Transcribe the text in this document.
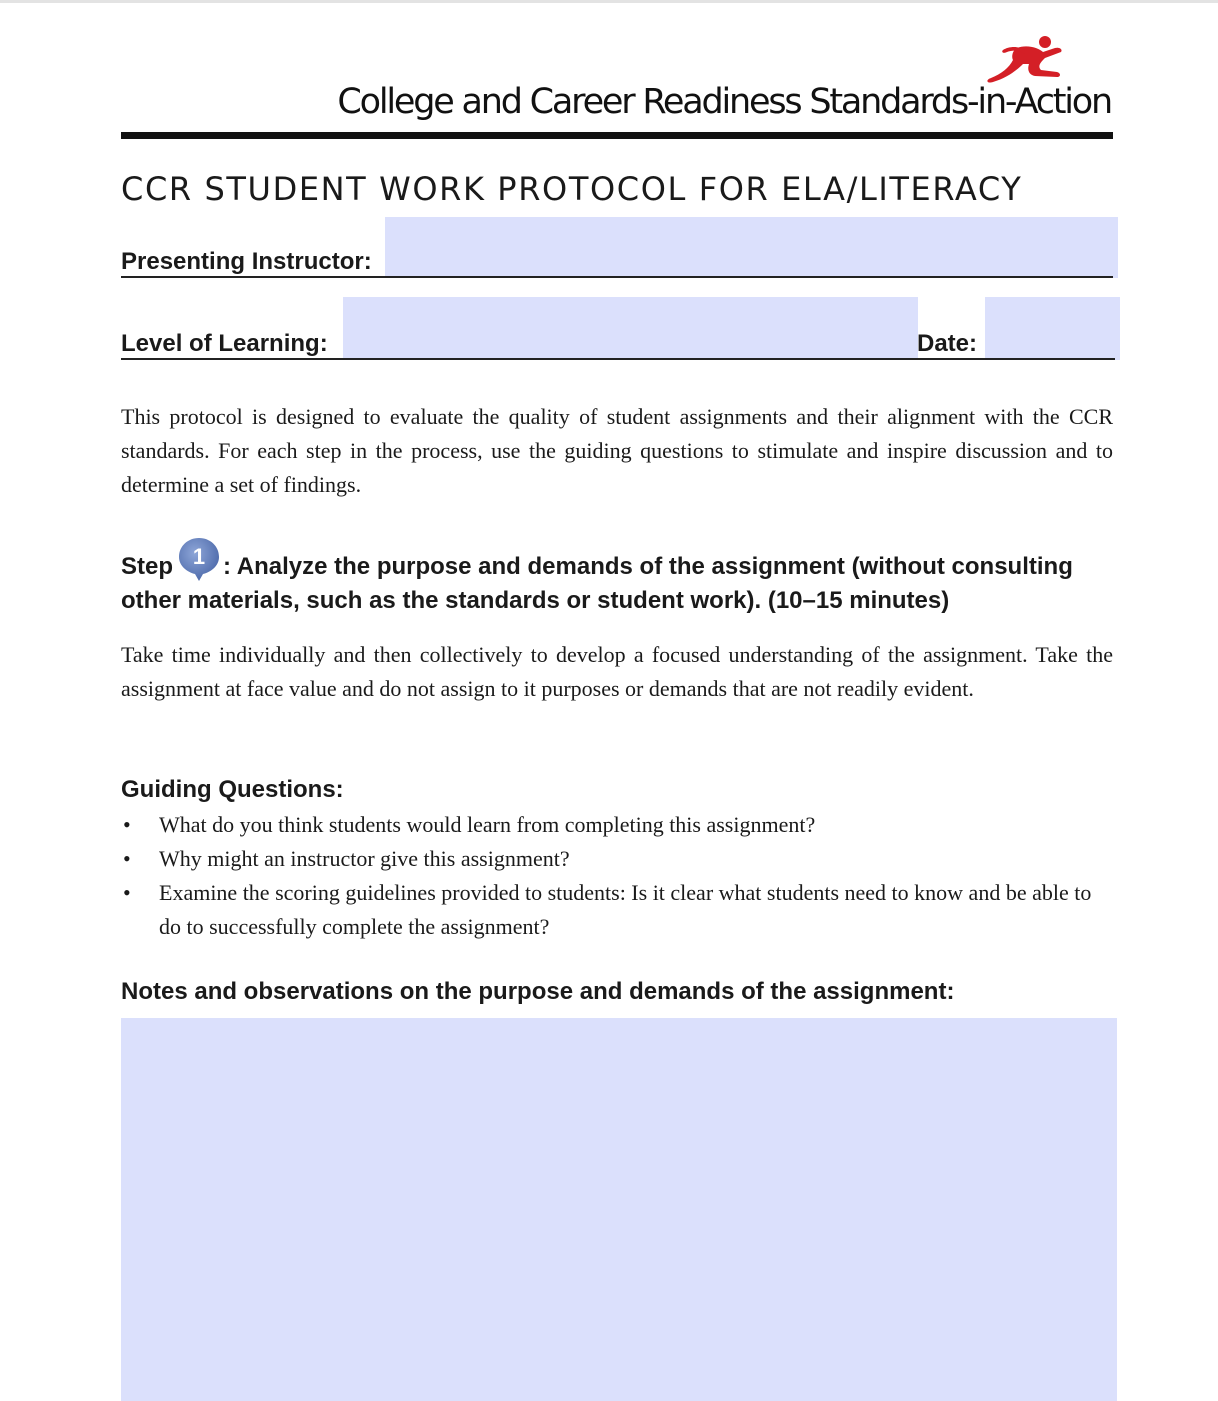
College and Career Readiness Standards-in-Action
CCR STUDENT WORK PROTOCOL FOR ELA/LITERACY
Presenting Instructor:
Level of Learning:	Date:

This protocol is designed to evaluate the quality of student assignments and their alignment with the CCR standards. For each step in the process, use the guiding questions to stimulate and inspire discussion and to determine a set of findings.

Step 1 : Analyze the purpose and demands of the assignment (without consulting other materials, such as the standards or student work). (10–15 minutes)

Take time individually and then collectively to develop a focused understanding of the assignment. Take the assignment at face value and do not assign to it purposes or demands that are not readily evident.

Guiding Questions:
• What do you think students would learn from completing this assignment?
• Why might an instructor give this assignment?
• Examine the scoring guidelines provided to students: Is it clear what students need to know and be able to do to successfully complete the assignment?
Notes and observations on the purpose and demands of the assignment:
